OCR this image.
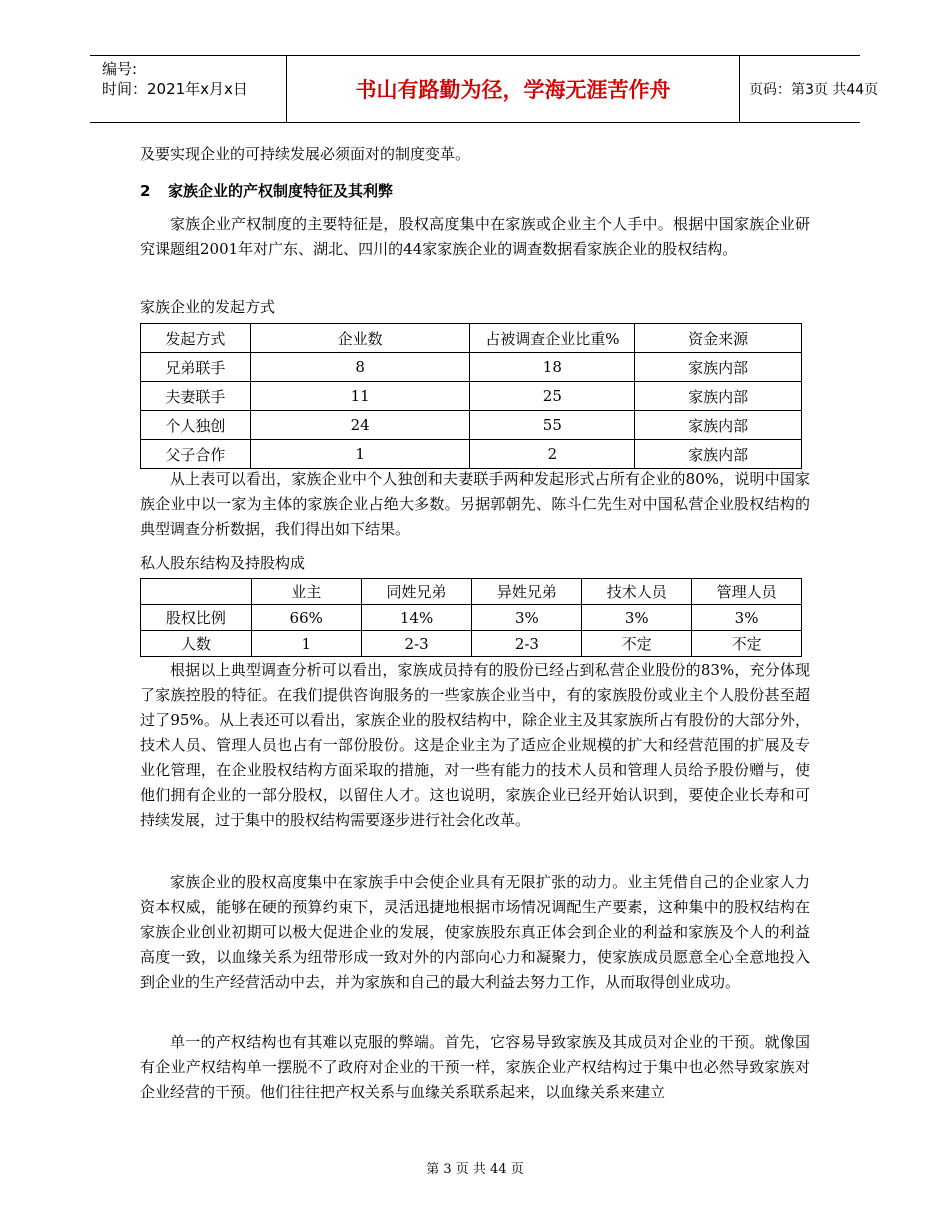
编号:
时间：2021年x月x日	书山有路勤为径，学海无涯苦作舟	页码：第3页 共44页
及要实现企业的可持续发展必须面对的制度变革。
2 家族企业的产权制度特征及其利弊
家族企业产权制度的主要特征是，股权高度集中在家族或企业主个人手中。根据中国家族企业研究课题组2001年对广东、湖北、四川的44家家族企业的调查数据看家族企业的股权结构。
家族企业的发起方式
发起方式	企业数	占被调查企业比重%	资金来源
兄弟联手	8	18	家族内部
夫妻联手	11	25	家族内部
个人独创	24	55	家族内部
父子合作	1	2	家族内部
从上表可以看出，家族企业中个人独创和夫妻联手两种发起形式占所有企业的80%，说明中国家族企业中以一家为主体的家族企业占绝大多数。另据郭朝先、陈斗仁先生对中国私营企业股权结构的典型调查分析数据，我们得出如下结果。
私人股东结构及持股构成
	业主	同姓兄弟	异姓兄弟	技术人员	管理人员
股权比例	66%	14%	3%	3%	3%
人数	1	2-3	2-3	不定	不定
根据以上典型调查分析可以看出，家族成员持有的股份已经占到私营企业股份的83%，充分体现了家族控股的特征。在我们提供咨询服务的一些家族企业当中，有的家族股份或业主个人股份甚至超过了95%。从上表还可以看出，家族企业的股权结构中，除企业主及其家族所占有股份的大部分外，技术人员、管理人员也占有一部份股份。这是企业主为了适应企业规模的扩大和经营范围的扩展及专业化管理，在企业股权结构方面采取的措施，对一些有能力的技术人员和管理人员给予股份赠与，使他们拥有企业的一部分股权，以留住人才。这也说明，家族企业已经开始认识到，要使企业长寿和可持续发展，过于集中的股权结构需要逐步进行社会化改革。
家族企业的股权高度集中在家族手中会使企业具有无限扩张的动力。业主凭借自己的企业家人力资本权威，能够在硬的预算约束下，灵活迅捷地根据市场情况调配生产要素，这种集中的股权结构在家族企业创业初期可以极大促进企业的发展，使家族股东真正体会到企业的利益和家族及个人的利益高度一致，以血缘关系为纽带形成一致对外的内部向心力和凝聚力，使家族成员愿意全心全意地投入到企业的生产经营活动中去，并为家族和自己的最大利益去努力工作，从而取得创业成功。
单一的产权结构也有其难以克服的弊端。首先，它容易导致家族及其成员对企业的干预。就像国有企业产权结构单一摆脱不了政府对企业的干预一样，家族企业产权结构过于集中也必然导致家族对企业经营的干预。他们往往把产权关系与血缘关系联系起来，以血缘关系来建立
第 3 页 共 44 页
